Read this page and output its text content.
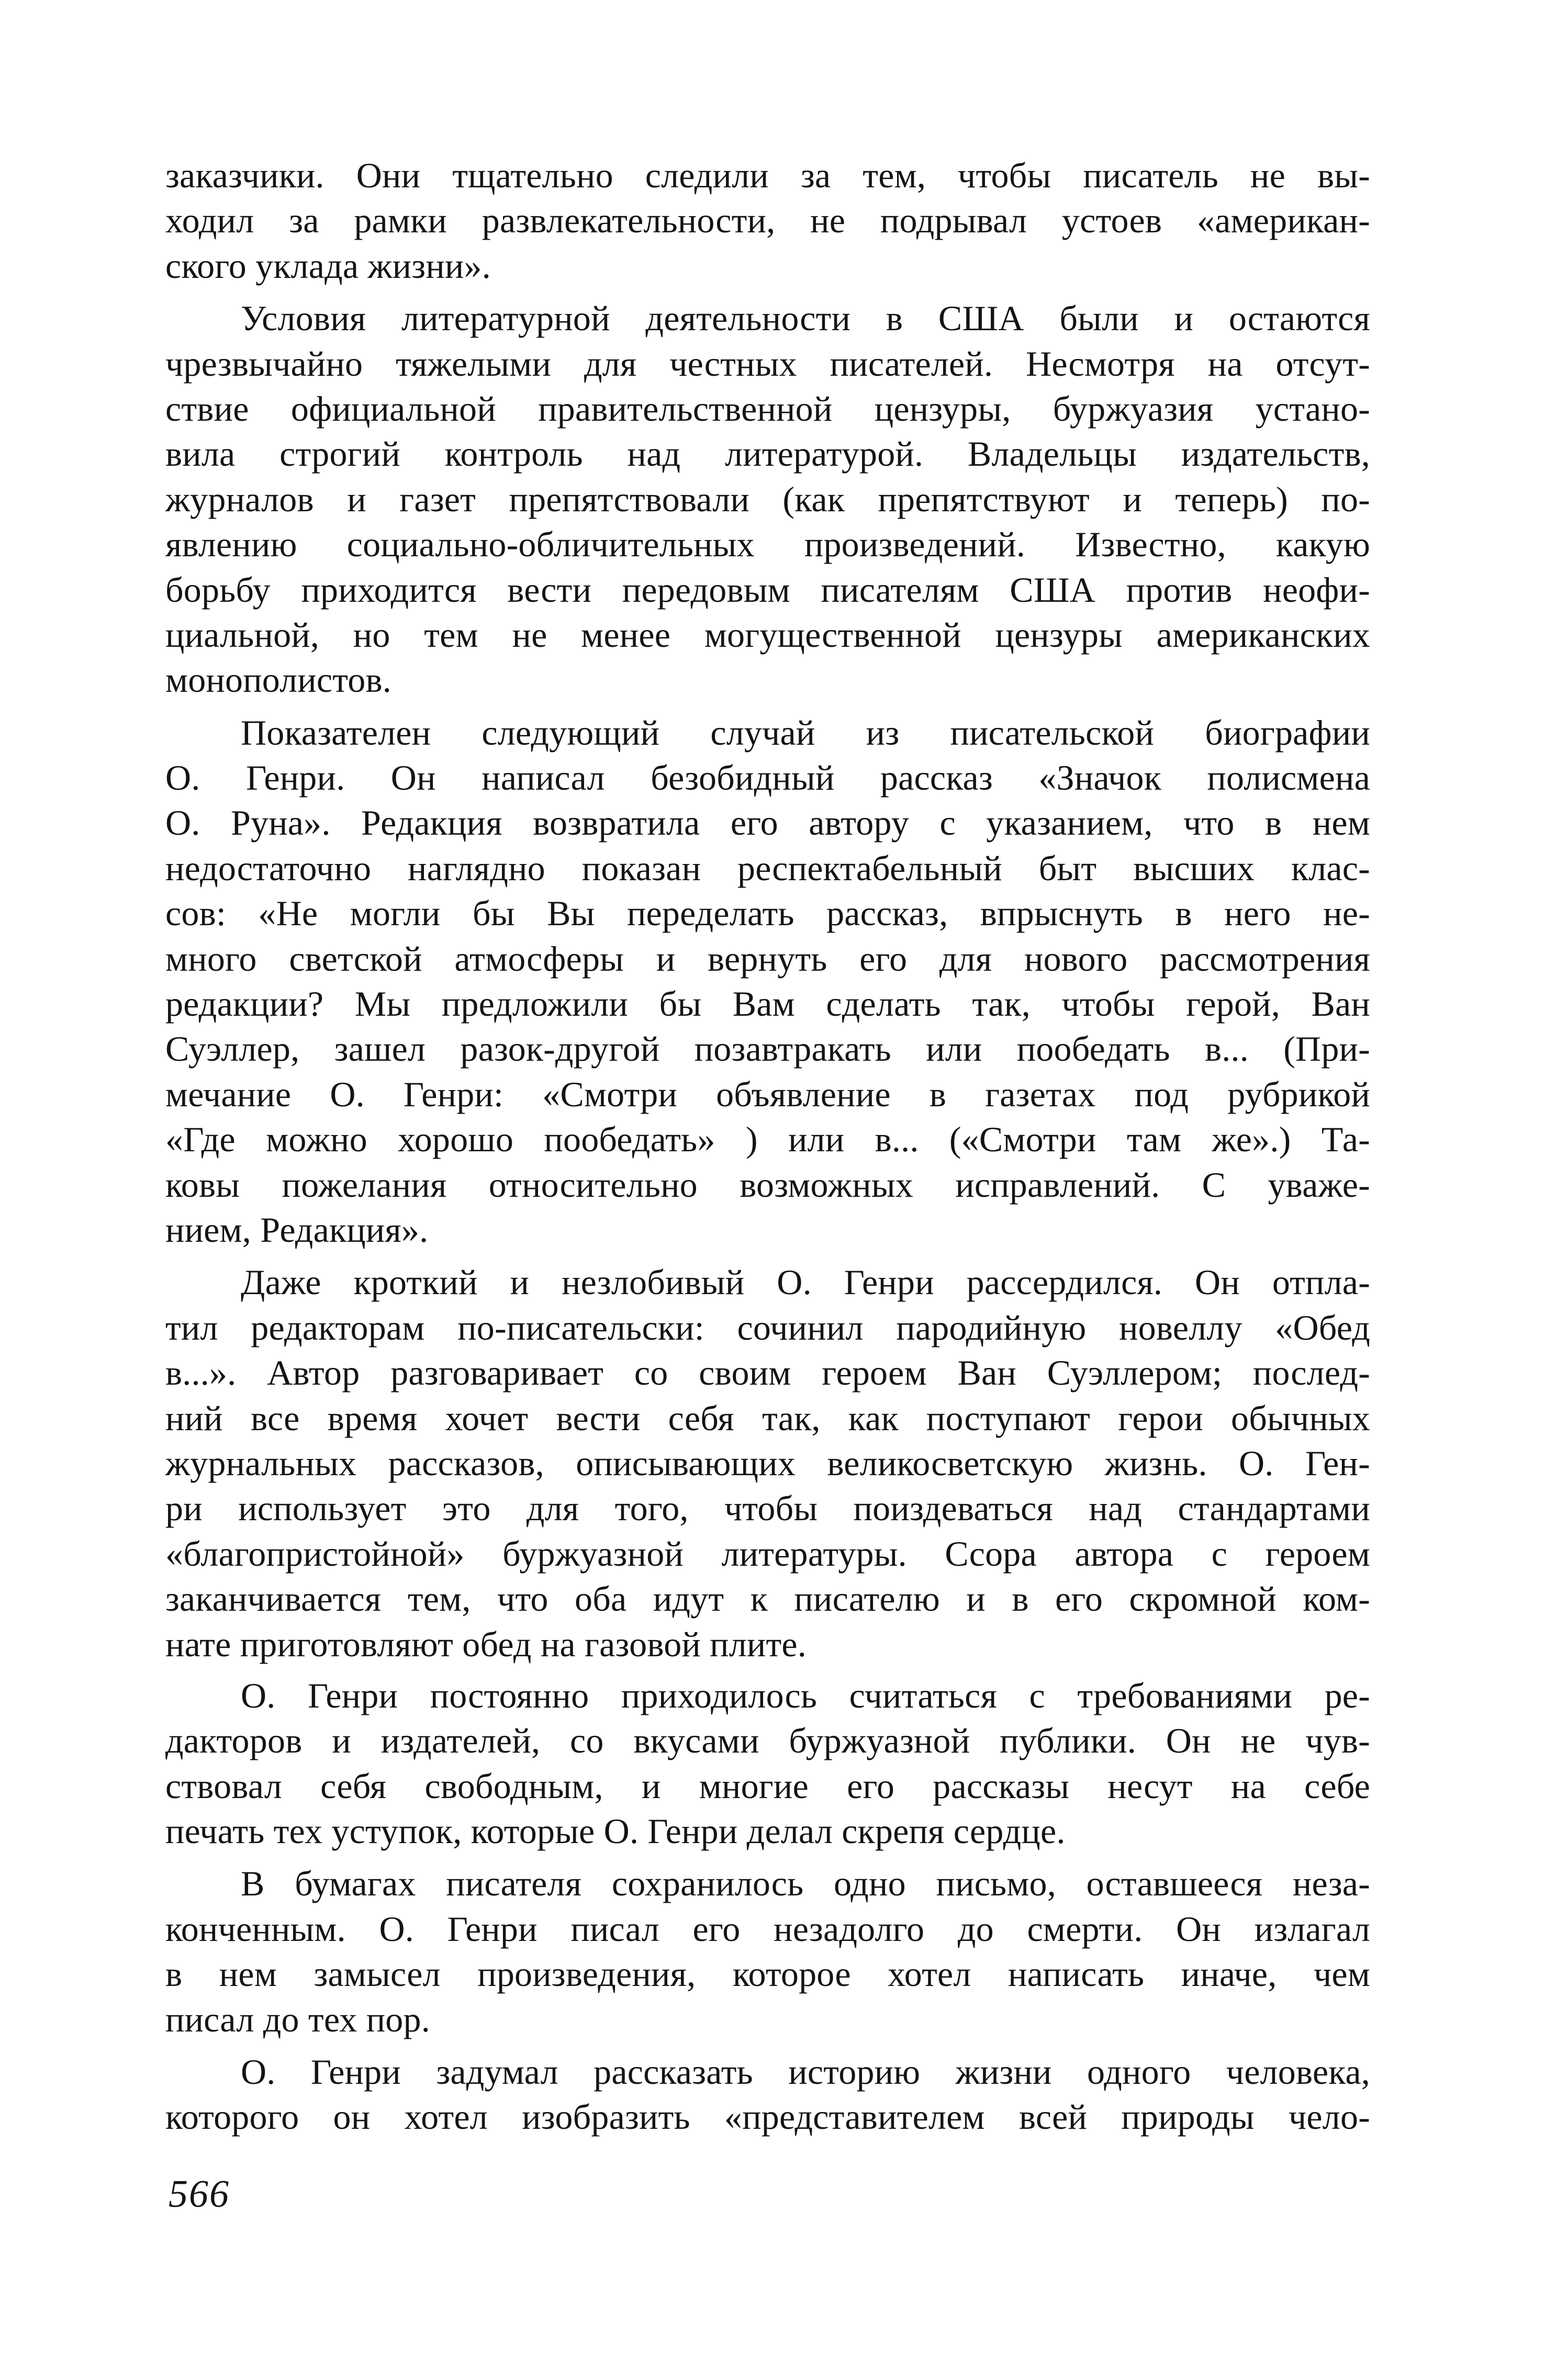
заказчики. Они тщательно следили за тем, чтобы писатель не вы-
ходил за рамки развлекательности, не подрывал устоев «американ-
ского уклада жизни».
Условия литературной деятельности в США были и остаются
чрезвычайно тяжелыми для честных писателей. Несмотря на отсут-
ствие официальной правительственной цензуры, буржуазия устано-
вила строгий контроль над литературой. Владельцы издательств,
журналов и газет препятствовали (как препятствуют и теперь) по-
явлению социально-обличительных произведений. Известно, какую
борьбу приходится вести передовым писателям США против неофи-
циальной, но тем не менее могущественной цензуры американских
монополистов.
Показателен следующий случай из писательской биографии
О. Генри. Он написал безобидный рассказ «Значок полисмена
О. Руна». Редакция возвратила его автору с указанием, что в нем
недостаточно наглядно показан респектабельный быт высших клас-
сов: «Не могли бы Вы переделать рассказ, впрыснуть в него не-
много светской атмосферы и вернуть его для нового рассмотрения
редакции? Мы предложили бы Вам сделать так, чтобы герой, Ван
Суэллер, зашел разок-другой позавтракать или пообедать в... (При-
мечание О. Генри: «Смотри объявление в газетах под рубрикой
«Где можно хорошо пообедать» ) или в... («Смотри там же».) Та-
ковы пожелания относительно возможных исправлений. С уваже-
нием, Редакция».
Даже кроткий и незлобивый О. Генри рассердился. Он отпла-
тил редакторам по-писательски: сочинил пародийную новеллу «Обед
в...». Автор разговаривает со своим героем Ван Суэллером; послед-
ний все время хочет вести себя так, как поступают герои обычных
журнальных рассказов, описывающих великосветскую жизнь. О. Ген-
ри использует это для того, чтобы поиздеваться над стандартами
«благопристойной» буржуазной литературы. Ссора автора с героем
заканчивается тем, что оба идут к писателю и в его скромной ком-
нате приготовляют обед на газовой плите.
О. Генри постоянно приходилось считаться с требованиями ре-
дакторов и издателей, со вкусами буржуазной публики. Он не чув-
ствовал себя свободным, и многие его рассказы несут на себе
печать тех уступок, которые О. Генри делал скрепя сердце.
В бумагах писателя сохранилось одно письмо, оставшееся неза-
конченным. О. Генри писал его незадолго до смерти. Он излагал
в нем замысел произведения, которое хотел написать иначе, чем
писал до тех пор.
О. Генри задумал рассказать историю жизни одного человека,
которого он хотел изобразить «представителем всей природы чело-
566
